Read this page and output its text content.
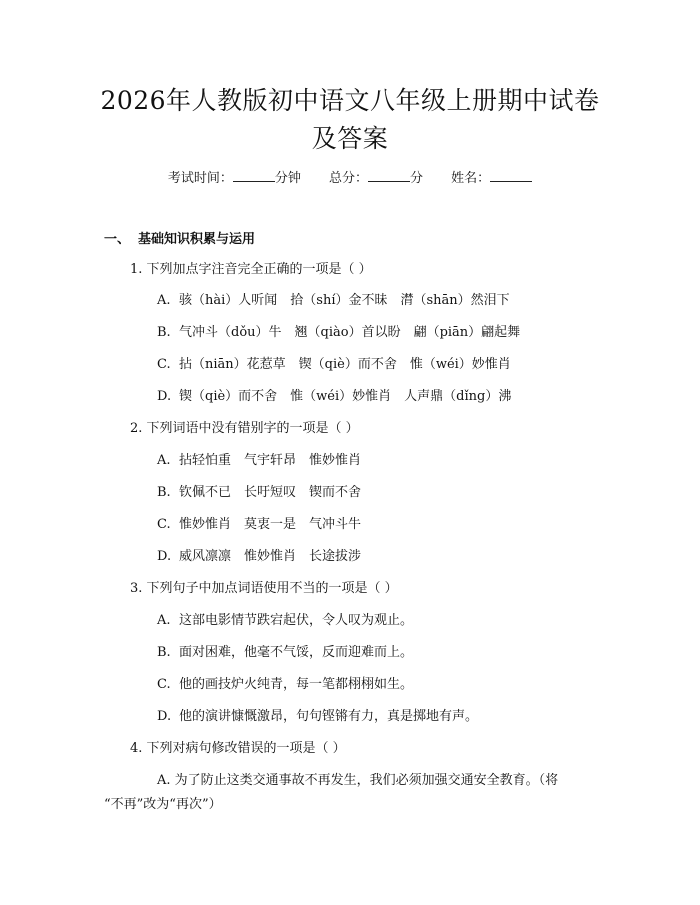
2026年人教版初中语文八年级上册期中试卷
及答案
考试时间：	分钟 总分：	分 姓名：
一、 基础知识积累与运用
1. 下列加点字注音完全正确的一项是（ ）
A. 骇（hài）人听闻　拾（shí）金不昧　潸（shān）然泪下
B. 气冲斗（dǒu）牛　翘（qiào）首以盼　翩（piān）翩起舞
C. 拈（niān）花惹草　锲（qiè）而不舍　惟（wéi）妙惟肖
D. 锲（qiè）而不舍　惟（wéi）妙惟肖　人声鼎（dǐng）沸
2. 下列词语中没有错别字的一项是（ ）
A. 拈轻怕重　气宇轩昂　惟妙惟肖
B. 钦佩不已　长吁短叹　锲而不舍
C. 惟妙惟肖　莫衷一是　气冲斗牛
D. 威风凛凛　惟妙惟肖　长途拔涉
3. 下列句子中加点词语使用不当的一项是（ ）
A. 这部电影情节跌宕起伏，令人叹为观止。
B. 面对困难，他毫不气馁，反而迎难而上。
C. 他的画技炉火纯青，每一笔都栩栩如生。
D. 他的演讲慷慨激昂，句句铿锵有力，真是掷地有声。
4. 下列对病句修改错误的一项是（ ）
A. 为了防止这类交通事故不再发生，我们必须加强交通安全教育。（将
“不再”改为“再次”）
